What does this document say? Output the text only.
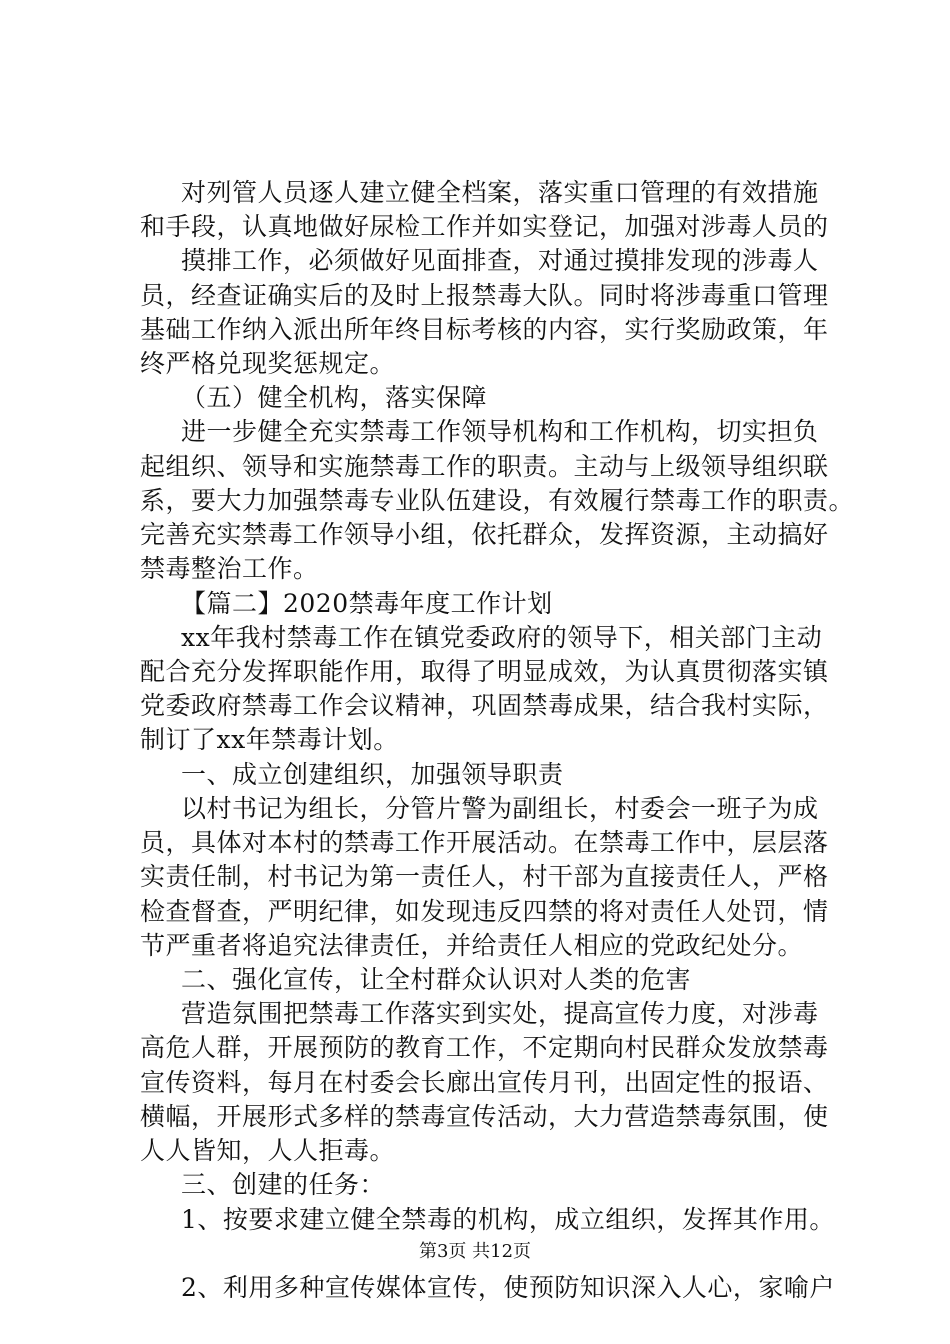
对列管人员逐人建立健全档案，落实重口管理的有效措施
和手段，认真地做好尿检工作并如实登记，加强对涉毒人员的
摸排工作，必须做好见面排查，对通过摸排发现的涉毒人
员，经查证确实后的及时上报禁毒大队。同时将涉毒重口管理
基础工作纳入派出所年终目标考核的内容，实行奖励政策，年
终严格兑现奖惩规定。
（五）健全机构，落实保障
进一步健全充实禁毒工作领导机构和工作机构，切实担负
起组织、领导和实施禁毒工作的职责。主动与上级领导组织联
系，要大力加强禁毒专业队伍建设，有效履行禁毒工作的职责。
完善充实禁毒工作领导小组，依托群众，发挥资源，主动搞好
禁毒整治工作。
【篇二】2020禁毒年度工作计划
xx年我村禁毒工作在镇党委政府的领导下，相关部门主动
配合充分发挥职能作用，取得了明显成效，为认真贯彻落实镇
党委政府禁毒工作会议精神，巩固禁毒成果，结合我村实际，
制订了xx年禁毒计划。
一、成立创建组织，加强领导职责
以村书记为组长，分管片警为副组长，村委会一班子为成
员，具体对本村的禁毒工作开展活动。在禁毒工作中，层层落
实责任制，村书记为第一责任人，村干部为直接责任人，严格
检查督查，严明纪律，如发现违反四禁的将对责任人处罚，情
节严重者将追究法律责任，并给责任人相应的党政纪处分。
二、强化宣传，让全村群众认识对人类的危害
营造氛围把禁毒工作落实到实处，提高宣传力度，对涉毒
高危人群，开展预防的教育工作，不定期向村民群众发放禁毒
宣传资料，每月在村委会长廊出宣传月刊，出固定性的报语、
横幅，开展形式多样的禁毒宣传活动，大力营造禁毒氛围，使
人人皆知，人人拒毒。
三、创建的任务：
1、按要求建立健全禁毒的机构，成立组织，发挥其作用。
2、利用多种宣传媒体宣传，使预防知识深入人心，家喻户
第3页 共12页
